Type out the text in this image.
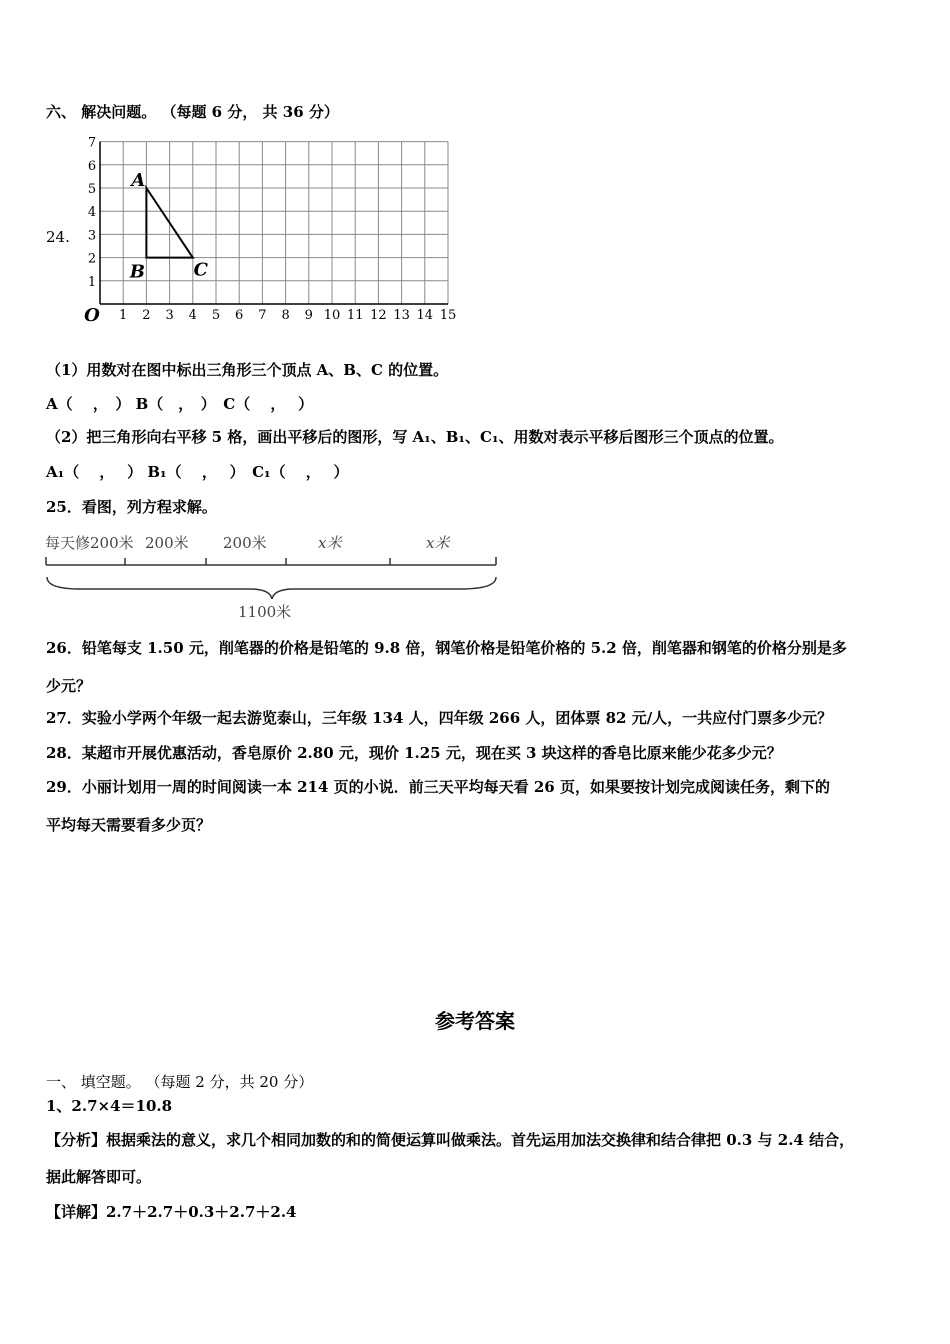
六、 解决问题。 （每题 6 分， 共 36 分）
24.
1 2 3 4 5 6 7 8 9 10 11 12 13 14 15
1
2
3
4
5
6
7
O
A
B	C
（1）用数对在图中标出三角形三个顶点 A、B、C 的位置。
A（　 ，　） B（　，　）　C（　 ，　 ）
（2）把三角形向右平移 5 格，画出平移后的图形，写 A₁、B₁、C₁、用数对表示平移后图形三个顶点的位置。
A₁（　 ，　 ） B₁（　 ，　 ）　C₁（　 ，　 ）
25．看图，列方程求解。
每天修200米 200米 200米	x米	x米
1100米
26．铅笔每支 1.50 元，削笔器的价格是铅笔的 9.8 倍，钢笔价格是铅笔价格的 5.2 倍，削笔器和钢笔的价格分别是多
少元？
27．实验小学两个年级一起去游览泰山，三年级 134 人，四年级 266 人，团体票 82 元/人，一共应付门票多少元？
28．某超市开展优惠活动，香皂原价 2.80 元，现价 1.25 元，现在买 3 块这样的香皂比原来能少花多少元？
29．小丽计划用一周的时间阅读一本 214 页的小说．前三天平均每天看 26 页，如果要按计划完成阅读任务，剩下的
平均每天需要看多少页？
参考答案
一、 填空题。 （每题 2 分，共 20 分）
1、2.7×4＝10.8
【分析】根据乘法的意义，求几个相同加数的和的简便运算叫做乘法。首先运用加法交换律和结合律把 0.3 与 2.4 结合，
据此解答即可。
【详解】2.7＋2.7＋0.3＋2.7＋2.4
